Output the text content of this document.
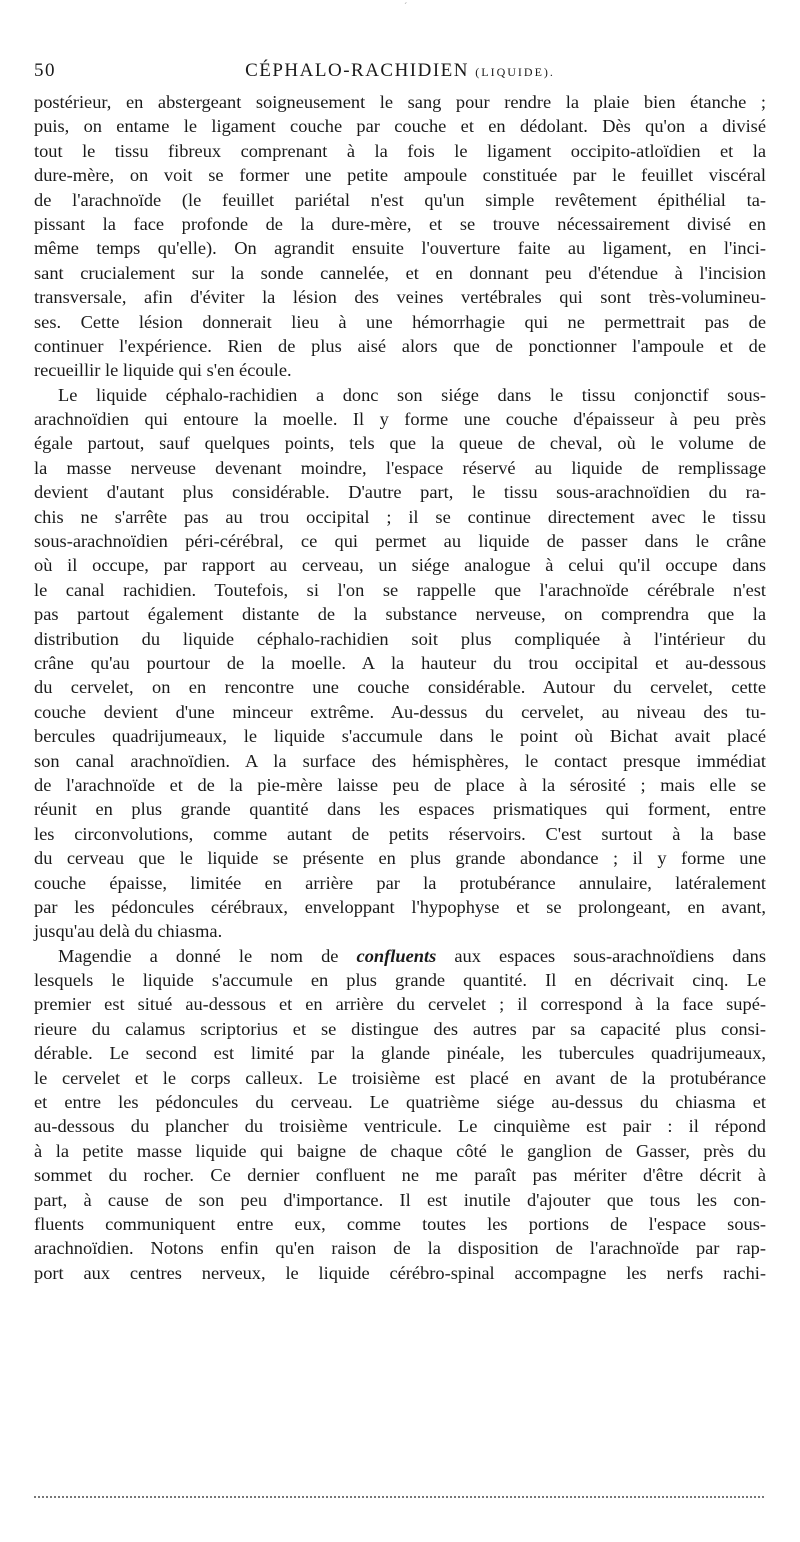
´
50	CÉPHALO-RACHIDIEN (LIQUIDE).
postérieur, en abstergeant soigneusement le sang pour rendre la plaie bien étanche ;
puis, on entame le ligament couche par couche et en dédolant. Dès qu'on a divisé
tout le tissu fibreux comprenant à la fois le ligament occipito-atloïdien et la
dure-mère, on voit se former une petite ampoule constituée par le feuillet viscéral
de l'arachnoïde (le feuillet pariétal n'est qu'un simple revêtement épithélial ta-
pissant la face profonde de la dure-mère, et se trouve nécessairement divisé en
même temps qu'elle). On agrandit ensuite l'ouverture faite au ligament, en l'inci-
sant crucialement sur la sonde cannelée, et en donnant peu d'étendue à l'incision
transversale, afin d'éviter la lésion des veines vertébrales qui sont très-volumineu-
ses. Cette lésion donnerait lieu à une hémorrhagie qui ne permettrait pas de
continuer l'expérience. Rien de plus aisé alors que de ponctionner l'ampoule et de
recueillir le liquide qui s'en écoule.
Le liquide céphalo-rachidien a donc son siége dans le tissu conjonctif sous-
arachnoïdien qui entoure la moelle. Il y forme une couche d'épaisseur à peu près
égale partout, sauf quelques points, tels que la queue de cheval, où le volume de
la masse nerveuse devenant moindre, l'espace réservé au liquide de remplissage
devient d'autant plus considérable. D'autre part, le tissu sous-arachnoïdien du ra-
chis ne s'arrête pas au trou occipital ; il se continue directement avec le tissu
sous-arachnoïdien péri-cérébral, ce qui permet au liquide de passer dans le crâne
où il occupe, par rapport au cerveau, un siége analogue à celui qu'il occupe dans
le canal rachidien. Toutefois, si l'on se rappelle que l'arachnoïde cérébrale n'est
pas partout également distante de la substance nerveuse, on comprendra que la
distribution du liquide céphalo-rachidien soit plus compliquée à l'intérieur du
crâne qu'au pourtour de la moelle. A la hauteur du trou occipital et au-dessous
du cervelet, on en rencontre une couche considérable. Autour du cervelet, cette
couche devient d'une minceur extrême. Au-dessus du cervelet, au niveau des tu-
bercules quadrijumeaux, le liquide s'accumule dans le point où Bichat avait placé
son canal arachnoïdien. A la surface des hémisphères, le contact presque immédiat
de l'arachnoïde et de la pie-mère laisse peu de place à la sérosité ; mais elle se
réunit en plus grande quantité dans les espaces prismatiques qui forment, entre
les circonvolutions, comme autant de petits réservoirs. C'est surtout à la base
du cerveau que le liquide se présente en plus grande abondance ; il y forme une
couche épaisse, limitée en arrière par la protubérance annulaire, latéralement
par les pédoncules cérébraux, enveloppant l'hypophyse et se prolongeant, en avant,
jusqu'au delà du chiasma.
Magendie a donné le nom de confluents aux espaces sous-arachnoïdiens dans
lesquels le liquide s'accumule en plus grande quantité. Il en décrivait cinq. Le
premier est situé au-dessous et en arrière du cervelet ; il correspond à la face supé-
rieure du calamus scriptorius et se distingue des autres par sa capacité plus consi-
dérable. Le second est limité par la glande pinéale, les tubercules quadrijumeaux,
le cervelet et le corps calleux. Le troisième est placé en avant de la protubérance
et entre les pédoncules du cerveau. Le quatrième siége au-dessus du chiasma et
au-dessous du plancher du troisième ventricule. Le cinquième est pair : il répond
à la petite masse liquide qui baigne de chaque côté le ganglion de Gasser, près du
sommet du rocher. Ce dernier confluent ne me paraît pas mériter d'être décrit à
part, à cause de son peu d'importance. Il est inutile d'ajouter que tous les con-
fluents communiquent entre eux, comme toutes les portions de l'espace sous-
arachnoïdien. Notons enfin qu'en raison de la disposition de l'arachnoïde par rap-
port aux centres nerveux, le liquide cérébro-spinal accompagne les nerfs rachi-
